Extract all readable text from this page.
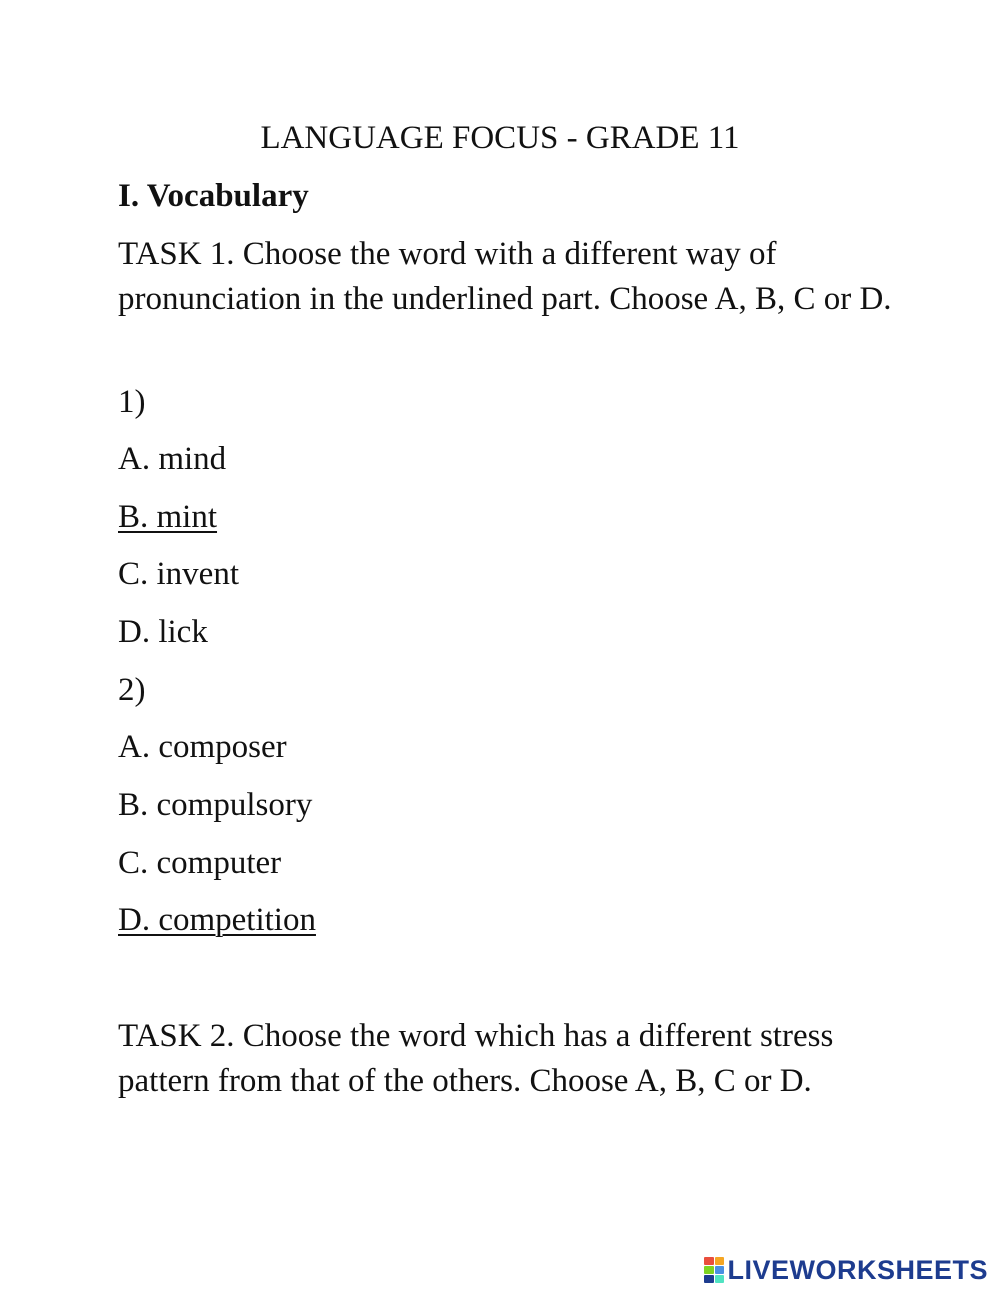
LANGUAGE FOCUS - GRADE 11
I. Vocabulary
TASK 1. Choose the word with a different way of pronunciation in the underlined part. Choose A, B, C or D.
1)
A. mind
B. mint
C. invent
D. lick
2)
A. composer
B. compulsory
C. computer
D. competition
TASK 2. Choose the word which has a different stress pattern from that of the others. Choose A, B, C or D.
LIVEWORKSHEETS
